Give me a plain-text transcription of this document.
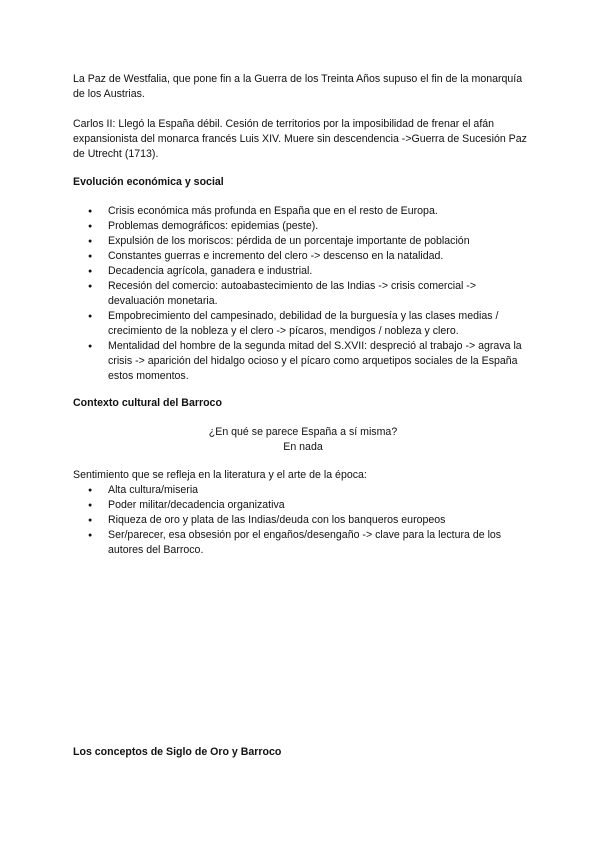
La Paz de Westfalia, que pone fin a la Guerra de los Treinta Años supuso el fin de la monarquía de los Austrias.

Carlos II: Llegó la España débil. Cesión de territorios por la imposibilidad de frenar el afán expansionista del monarca francés Luis XIV. Muere sin descendencia ->Guerra de Sucesión Paz de Utrecht (1713).

Evolución económica y social
● Crisis económica más profunda en España que en el resto de Europa.
● Problemas demográficos: epidemias (peste).
● Expulsión de los moriscos: pérdida de un porcentaje importante de población
● Constantes guerras e incremento del clero -> descenso en la natalidad.
● Decadencia agrícola, ganadera e industrial.
● Recesión del comercio: autoabastecimiento de las Indias -> crisis comercial -> devaluación monetaria.
● Empobrecimiento del campesinado, debilidad de la burguesía y las clases medias / crecimiento de la nobleza y el clero -> pícaros, mendigos / nobleza y clero.
● Mentalidad del hombre de la segunda mitad del S.XVII: despreció al trabajo -> agrava la crisis -> aparición del hidalgo ocioso y el pícaro como arquetipos sociales de la España estos momentos.
Contexto cultural del Barroco

¿En qué se parece España a sí misma?

En nada

Sentimiento que se refleja en la literatura y el arte de la época:

● Alta cultura/miseria
● Poder militar/decadencia organizativa
● Riqueza de oro y plata de las Indias/deuda con los banqueros europeos
● Ser/parecer, esa obsesión por el engaños/desengaño -> clave para la lectura de los autores del Barroco.
Los conceptos de Siglo de Oro y Barroco
